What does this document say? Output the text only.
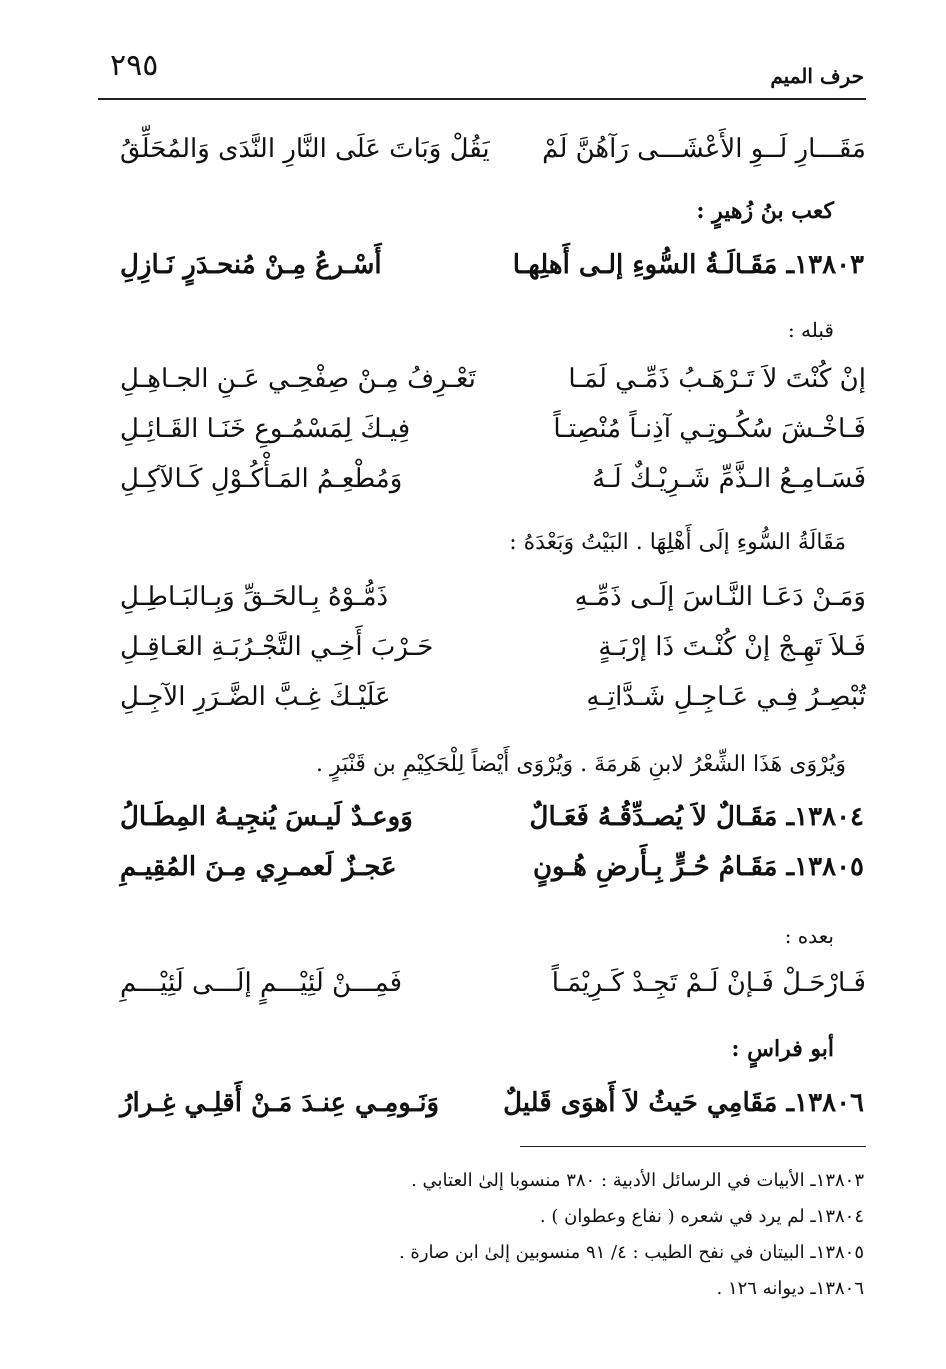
حرف الميم
٢٩٥
مَقَـــارِ لَــوِ الأَعْشَـــى رَآهُنَّ لَمْ
يَقُلْ وَبَاتَ عَلَى النَّارِ النَّدَى وَالمُحَلِّقُ
كعب بنُ زُهيرٍ :
١٣٨٠٣ـ مَقَـالَـةُ السُّوءِ إلـى أَهلِهـا
أَسْـرعُ مِـنْ مُنحـدَرٍ نَـازِلِ
قبله :
إنْ كُنْتَ لاَ تَـرْهَـبُ ذَمِّـي لَمَـا
تَعْـرِفُ مِـنْ صِفْحِـي عَـنِ الجـاهِـلِ
فَـاخْـشَ سُكُـوتِـي آذِنـاً مُنْصِتـاً
فِيـكَ لِمَسْمُـوعِ خَنَـا القَـائِـلِ
فَسَـامِـعُ الـذَّمِّ شَـرِيْـكٌ لَـهُ
وَمُطْعِـمُ المَـأْكُـوْلِ كَـالآكِـلِ
مَقَالَةُ السُّوءِ إلَى أَهْلِهَا . البَيْتُ وَبَعْدَهُ :
وَمَـنْ دَعَـا النَّـاسَ إلَـى ذَمِّـهِ
ذَمُّـوْهُ بِـالحَـقِّ وَبِـالبَـاطِـلِ
فَـلاَ تَهِـجْ إنْ كُنْـتَ ذَا إرْبَـةٍ
حَـرْبَ أَخِـي التَّجْـرُبَـةِ العَـاقِـلِ
تُبْصِـرُ فِـي عَـاجِـلِ شَـدَّاتِـهِ
عَلَيْـكَ غِـبَّ الضَّـرَرِ الآجِـلِ
وَيُرْوَى هَذَا الشِّعْرُ لابنِ هَرمَةَ . وَيُرْوَى أَيْضاً لِلْحَكِيْمِ بن قَنْبَرٍ .
١٣٨٠٤ـ مَقَـالٌ لاَ يُصـدِّقُـهُ فَعَـالٌ
وَوعـدٌ لَيـسَ يُنجِيـهُ المِطَـالُ
١٣٨٠٥ـ مَقَـامُ حُـرٍّ بِـأَرضِ هُـونٍ
عَجـزٌ لَعمـرِي مِـنَ المُقِيـمِ
بعده :
فَـارْحَـلْ فَـإنْ لَـمْ تَجِـدْ كَـرِيْمَـاً
فَمِـــنْ لَئِيْـــمٍ إلَـــى لَئِيْـــمِ
أبو فراسٍ :
١٣٨٠٦ـ مَقَامِي حَيثُ لاَ أَهوَى قَليلٌ
وَنَـومِـي عِنـدَ مَـنْ أَقلِـي غِـرارُ
١٣٨٠٣ـ الأبيات في الرسائل الأدبية : ٣٨٠ منسوبا إلىٰ العتابي .
١٣٨٠٤ـ لم يرد في شعره ( نفاع وعطوان ) .
١٣٨٠٥ـ البيتان في نفح الطيب : ٤/ ٩١ منسوبين إلىٰ ابن صارة .
١٣٨٠٦ـ ديوانه ١٢٦ .
